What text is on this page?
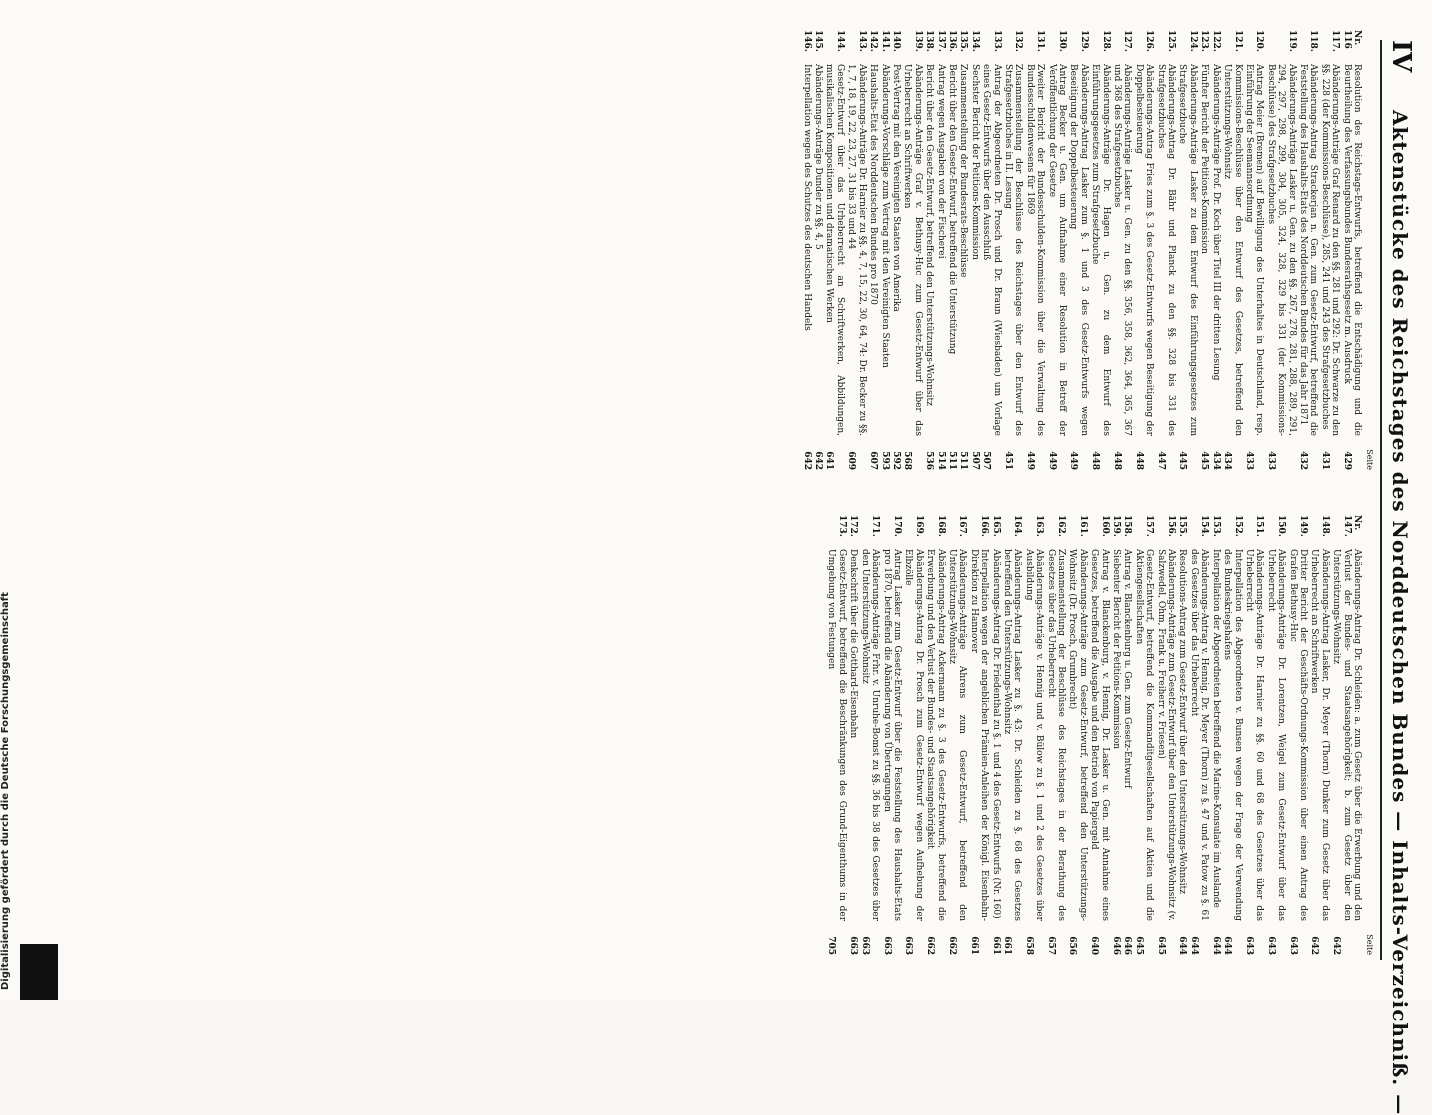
IV
Aktenstücke des Reichstages des Norddeutschen Bundes — Inhalts-Verzeichniß. —
Seite
Nr. 116
Resolution des Reichstags-Entwurfs, betreffend die Entschädigung und die Beurtheilung des Verfassungsbundes Bundesrathsgesetz m. Ausdruck
429
117.
Abänderungs-Anträge Graf Renard zu den §§. 281 und 292: Dr. Schwarze zu den §§. 228 (der Kommissions-Beschlüsse), 285, 241 und 243 des Strafgesetzbuches
431
118.
Abänderungs-Antrag Strackerjan n. Gen. zum Gesetz-Entwurf, betreffend die Feststellung des Haushalts-Etats des Norddeutschen Bundes für das Jahr 1871
432
119.
Abänderungs-Anträge Lasker u. Gen. zu den §§. 267, 278, 281, 288, 289, 291, 294, 297, 298, 299, 304, 305, 324, 328, 329 bis 331 (der Kommissions-Beschlüsse) des Strafgesetzbuches
433
120.
Antrag Meier (Bremen) auf Bewilligung des Unterhaltes in Deutschland, resp. Einführung der Seemannsordnung
433
121.
Kommissions-Beschlüsse über den Entwurf des Gesetzes, betreffend den Unterstützungs-Wohnsitz
434
122.
Abänderungs-Anträge Prof. Dr. Koch über Titel III der dritten Lesung
434
123.
Fünfter Bericht der Petitions-Kommission
445
124.
Abänderungs-Anträge Lasker zu dem Entwurf des Einführungsgesetzes zum Strafgesetzbuche
445
125.
Abänderungs-Antrag Dr. Bähr und Planck zu den §§. 328 bis 331 des Strafgesetzbuches
447
126.
Abänderungs-Antrag Fries zum §. 3 des Gesetz-Entwurfs wegen Beseitigung der Doppelbesteuerung
448
127.
Abänderungs-Anträge Lasker u. Gen. zu den §§. 356, 358, 362, 364, 365, 367 und 368 des Strafgesetzbuches
448
128.
Abänderungs-Anträge Dr. Hagen u. Gen. zu dem Entwurf des Einführungsgesetzes zum Strafgesetzbuche
448
129.
Abänderungs-Antrag Lasker zum §. 1 und 3 des Gesetz-Entwurfs wegen Beseitigung der Doppelbesteuerung
449
130.
Antrag Becker u. Gen. um Aufnahme einer Resolution in Betreff der Veröffentlichung der Gesetze
449
131.
Zweiter Bericht der Bundesschulden-Kommission über die Verwaltung des Bundesschuldenwesens für 1869
449
132.
Zusammenstellung der Beschlüsse des Reichstages über den Entwurf des Strafgesetzbuches in II. Lesung
451
133.
Antrag der Abgeordneten Dr. Prosch und Dr. Braun (Wiesbaden) um Vorlage eines Gesetz-Entwurfs über den Ausschluß
507
134.
Sechster Bericht der Petitions-Kommission
507
135.
Zusammenstellung der Bundesrats-Beschlüsse
511
136.
Bericht über den Gesetz-Entwurf, betreffend die Unterstützung
511
137.
Antrag wegen Ausgaben von der Fischerei
514
138.
Bericht über den Gesetz-Entwurf, betreffend den Unterstützungs-Wohnsitz
536
139.
Abänderungs-Anträge Graf v. Bethusy-Huc zum Gesetz-Entwurf über das Urheberrecht an Schriftwerken
568
140.
Post-Vertrag mit den Vereinigten Staaten von Amerika
592
141.
Abänderungs-Vorschläge zum Vertrag mit den Vereinigten Staaten
593
142.
Haushalts-Etat des Norddeutschen Bundes pro 1870
607
143.
Abänderungs-Anträge Dr. Harnier zu §§. 4, 7, 15, 22, 30, 64, 74: Dr. Becker zu §§. 1, 7, 18, 19, 22, 23, 27, 31 bis 33 und 44
609
144.
Gesetz-Entwurf über das Urheberrecht an Schriftwerken, Abbildungen, musikalischen Kompositionen und dramatischen Werken
641
145.
Abänderungs-Anträge Dunder zu §§. 4, 5
642
146.
Interpellation wegen des Schutzes des deutschen Handels
642
Seite
Nr. 147.
Abänderungs-Antrag Dr. Schleiden: a. zum Gesetz über die Erwerbung und den Verlust der Bundes- und Staatsangehörigkeit; b. zum Gesetz über den Unterstützungs-Wohnsitz
642
148.
Abänderungs-Antrag Lasker, Dr. Meyer (Thorn) Dunker zum Gesetz über das Urheberrecht an Schriftwerken
642
149.
Dritter Bericht der Geschäfts-Ordnungs-Kommission über einen Antrag des Grafen Bethusy-Huc
643
150.
Abänderungs-Anträge Dr. Lorentzen, Weigel zum Gesetz-Entwurf über das Urheberrecht
643
151.
Abänderungs-Anträge Dr. Harnier zu §§. 60 und 68 des Gesetzes über das Urheberrecht
643
152.
Interpellation des Abgeordneten v. Bunsen wegen der Frage der Verwendung des Bundeskriegshafens
644
153.
Interpellation der Abgeordneten betreffend die Marine-Konsulate im Auslande
644
154.
Abänderungs-Antrag v. Hennig, Dr. Meyer (Thorn) zu §. 47 und v. Patow zu §. 61 des Gesetzes über das Urheberrecht
644
155.
Resolutions-Antrag zum Gesetz-Entwurf über den Unterstützungs-Wohnsitz
644
156.
Abänderungs-Anträge zum Gesetz-Entwurf über den Unterstützungs-Wohnsitz (v. Salzwedel, Ohm, Frank u. Freiherr v. Friesen)
645
157.
Gesetz-Entwurf, betreffend die Kommanditgesellschaften auf Aktien und die Aktiengesellschaften
645
158.
Antrag v. Blanckenburg u. Gen. zum Gesetz-Entwurf
646
159.
Siebenter Bericht der Petitions-Kommission
646
160.
Antrag v. Blanckenburg, v. Hennig, Dr. Lasker u. Gen. mit Annahme eines Gesetzes, betreffend die Ausgabe und den Betrieb von Papiergeld
640
161.
Abänderungs-Anträge zum Gesetz-Entwurf, betreffend den Unterstützungs-Wohnsitz (Dr. Prosch, Grumbrecht)
656
162.
Zusammenstellung der Beschlüsse des Reichstages in der Berathung des Gesetzes über das Urheberrecht
657
163.
Abänderungs-Anträge v. Hennig und v. Bülow zu §. 1 und 2 des Gesetzes über Ausbildung
658
164.
Abänderungs-Antrag Lasker zu §. 43: Dr. Schleiden zu §. 68 des Gesetzes betreffend den Unterstützungs-Wohnsitz
661
165.
Abänderungs-Antrag Dr. Friedenthal zu §. 1 und 4 des Gesetz-Entwurfs (Nr. 160)
661
166.
Interpellation wegen der angeblichen Prämien-Anleihen der Königl. Eisenbahn-Direktion zu Hannover
661
167.
Abänderungs-Anträge Ahrens zum Gesetz-Entwurf, betreffend den Unterstützungs-Wohnsitz
662
168.
Abänderungs-Antrag Ackermann zu §. 3 des Gesetz-Entwurfs, betreffend die Erwerbung und den Verlust der Bundes- und Staatsangehörigkeit
662
169.
Abänderungs-Antrag Dr. Prosch zum Gesetz-Entwurf wegen Aufhebung der Elbzölle
663
170.
Antrag Lasker zum Gesetz-Entwurf über die Feststellung des Haushalts-Etats pro 1870, betreffend die Abänderung von Übertragungen
663
171.
Abänderungs-Anträge Frhr. v. Unruhe-Bomst zu §§. 36 bis 38 des Gesetzes über den Unterstützungs-Wohnsitz
663
172.
Denkschrift über die Gotthard-Eisenbahn
663
173.
Gesetz-Entwurf, betreffend die Beschränkungen des Grund-Eigenthums in der Umgebung von Festungen
705
Digitalisierung gefördert durch die Deutsche Forschungsgemeinschaft
